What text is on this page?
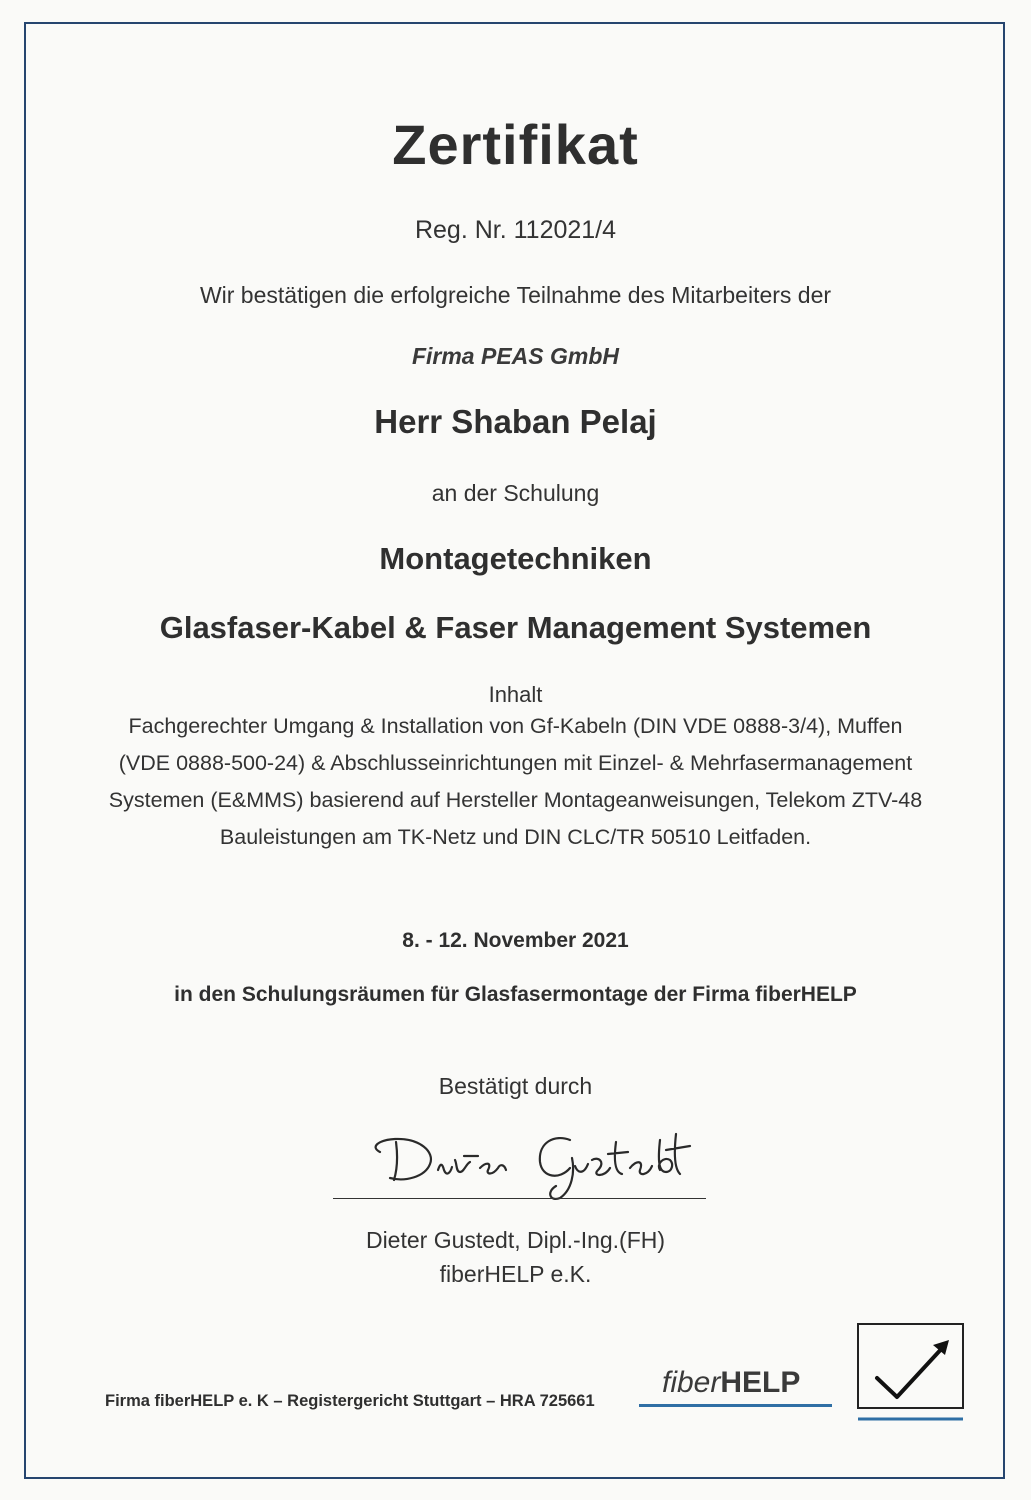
Zertifikat
Reg. Nr. 112021/4
Wir bestätigen die erfolgreiche Teilnahme des Mitarbeiters der
Firma PEAS GmbH
Herr Shaban Pelaj
an der Schulung
Montagetechniken
Glasfaser-Kabel & Faser Management Systemen
Inhalt
Fachgerechter Umgang & Installation von Gf-Kabeln (DIN VDE 0888-3/4), Muffen
(VDE 0888-500-24) & Abschlusseinrichtungen mit Einzel- & Mehrfasermanagement
Systemen (E&MMS) basierend auf Hersteller Montageanweisungen, Telekom ZTV-48
Bauleistungen am TK-Netz und DIN CLC/TR 50510 Leitfaden.
8. - 12. November 2021
in den Schulungsräumen für Glasfasermontage der Firma fiberHELP
Bestätigt durch
Dieter Gustedt, Dipl.-Ing.(FH)
fiberHELP e.K.
Firma fiberHELP e. K – Registergericht Stuttgart – HRA 725661
fiberHELP
